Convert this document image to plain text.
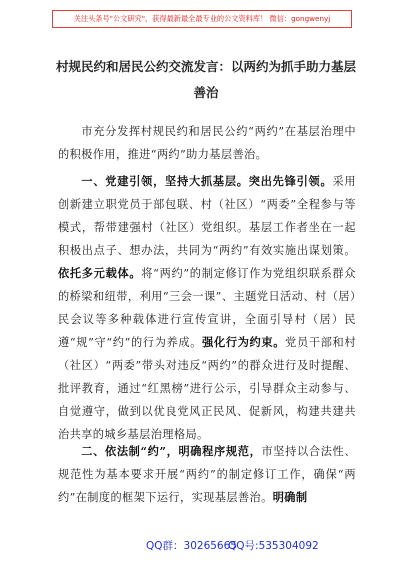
关注头条号"公文研究"，获得最新最全最专业的公文资料库！ 微信：gongwenyj
村规民约和居民公约交流发言：以两约为抓手助力基层善治

市充分发挥村规民约和居民公约“两约”在基层治理中的积极作用，推进“两约”助力基层善治。

一、党建引领，坚持大抓基层。突出先锋引领。采用创新建立职党员于部包联、村（社区）“两委”全程参与等模式，帮带建强村（社区）党组织。基层工作者坐在一起积极出点子、想办法，共同为“两约”有效实施出谋划策。依托多元载体。将“两约”的制定修订作为党组织联系群众的桥梁和纽带，利用“三会一课”、主题党日活动、村（居）民会议等多种载体进行宣传宣讲，全面引导村（居）民遵“规”守“约”的行为养成。强化行为约束。党员干部和村（社区）“两委”带头对违反“两约”的群众进行及时提醒、批评教育，通过“红黑榜”进行公示，引导群众主动参与、自觉遵守，做到以优良党风正民风、促新风，构建共建共治共享的城乡基层治理格局。

二、依法制“约”，明确程序规范，市坚持以合法性、规范性为基本要求开展“两约”的制定修订工作，确保“两约”在制度的框架下运行，实现基层善治。明确制

QQ群：30265665
QQ号:535304092
